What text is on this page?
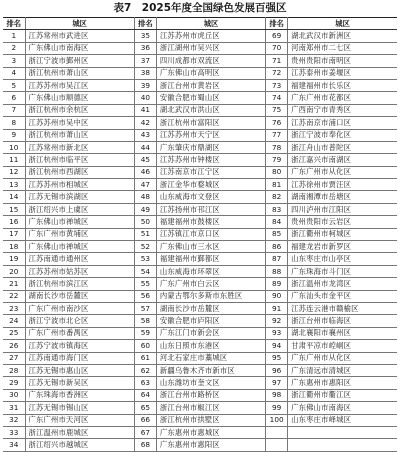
表7　2025年度全国绿色发展百强区
排名	城区	排名	城区	排名	城区
1	江苏常州市武进区	35	江苏苏州市虎丘区	69	湖北武汉市新洲区
2	广东佛山市南海区	36	浙江湖州市吴兴区	70	河南郑州市二七区
3	浙江宁波市鄞州区	37	四川成都市双流区	71	贵州贵阳市南明区
4	浙江杭州市萧山区	38	广东佛山市高明区	72	江苏泰州市姜堰区
5	江苏苏州市吴江区	39	浙江台州市黄岩区	73	福建福州市长乐区
6	广东佛山市顺德区	40	安徽合肥市蜀山区	74	广东广州市花都区
7	浙江杭州市余杭区	41	湖北武汉市洪山区	75	广西南宁市青秀区
8	江苏苏州市吴中区	42	浙江杭州市富阳区	76	江苏南京市浦口区
9	浙江杭州市萧山区	43	江苏苏州市天宁区	77	浙江宁波市奉化区
10	江苏常州市新北区	44	广东肇庆市鼎湖区	78	浙江舟山市普陀区
11	浙江杭州市临平区	45	江苏苏州市钟楼区	79	浙江嘉兴市南湖区
12	浙江杭州市西湖区	46	江苏南京市江宁区	80	广东广州市从化区
13	江苏苏州市相城区	47	浙江金华市婺城区	81	江苏徐州市贾汪区
14	江苏无锡市滨湖区	48	山东威海市文登区	82	湖南湘潭市岳塘区
15	浙江绍兴市上虞区	49	江苏扬州市邗江区	83	四川泸州市江阳区
16	广东佛山市禅城区	50	福建福州市鼓楼区	84	贵州贵阳市云岩区
17	广东广州市黄埔区	51	江苏镇江市京口区	85	浙江衢州市柯城区
18	广东佛山市禅城区	52	广东佛山市三水区	86	福建龙岩市新罗区
19	江苏南通市通州区	53	福建福州市鄞都区	87	山东枣庄市山亭区
20	江苏苏州市姑苏区	54	山东威海市环翠区	88	广东珠海市斗门区
21	浙江杭州市滨江区	55	广东广州市白云区	89	浙江温州市龙湾区
22	湖南长沙市岳麓区	56	内蒙古鄂尔多斯市东胜区	90	广东汕头市金平区
23	广东广州市南沙区	57	湖南长沙市岳麓区	91	江苏连云港市赣榆区
24	浙江宁波市北仑区	58	安徽合肥市庐阳区	92	浙江台州市临海区
25	广东广州市番禺区	59	广东江门市新会区	93	湖北襄阳市襄州区
26	江苏宁波市镇海区	60	山东日照市东港区	94	甘肃平凉市崆峒区
27	江苏南通市海门区	61	河北石家庄市藁城区	95	广东广州市从化区
28	江苏无锡市惠山区	62	新疆乌鲁木齐市新市区	96	广东清远市清城区
29	江苏无锡市新吴区	63	山东潍坊市奎文区	97	广东惠州市惠阳区
30	广东珠海市香洲区	64	浙江台州市路桥区	98	浙江衢州市衢江区
31	江苏无锡市锡山区	65	浙江台州市椒江区	99	广东佛山市南海区
32	广东广州市天河区	66	浙江杭州市拱墅区	100	山东枣庄市峄城区
33	浙江温州市鹿城区	67	广东惠州市惠城区		
34	浙江绍兴市越城区	68	广东惠州市惠阳区		
